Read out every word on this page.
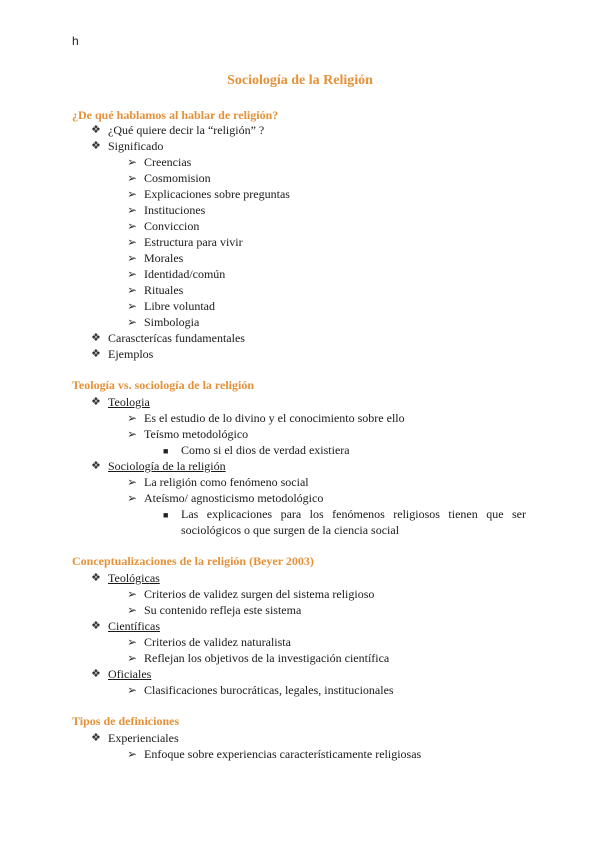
h
Sociología de la Religión
¿De qué hablamos al hablar de religión?
❖ ¿Qué quiere decir la “religión” ?
❖ Significado
➢ Creencias
➢ Cosmomision
➢ Explicaciones sobre preguntas
➢ Instituciones
➢ Conviccion
➢ Estructura para vivir
➢ Morales
➢ Identidad/común
➢ Rituales
➢ Libre voluntad
➢ Simbologia
❖ Carascterícas fundamentales
❖ Ejemplos
Teología vs. sociología de la religión
❖ Teologia
➢ Es el estudio de lo divino y el conocimiento sobre ello
➢ Teísmo metodológico
■ Como si el dios de verdad existiera
❖ Sociología de la religión
➢ La religión como fenómeno social
➢ Ateísmo/ agnosticismo metodológico
■ Las explicaciones para los fenómenos religiosos tienen que ser sociológicos o que surgen de la ciencia social
Conceptualizaciones de la religión (Beyer 2003)
❖ Teológicas
➢ Criterios de validez surgen del sistema religioso
➢ Su contenido refleja este sistema
❖ Científicas
➢ Criterios de validez naturalista
➢ Reflejan los objetivos de la investigación científica
❖ Oficiales
➢ Clasificaciones burocráticas, legales, institucionales
Tipos de definiciones
❖ Experienciales
➢ Enfoque sobre experiencias característicamente religiosas
